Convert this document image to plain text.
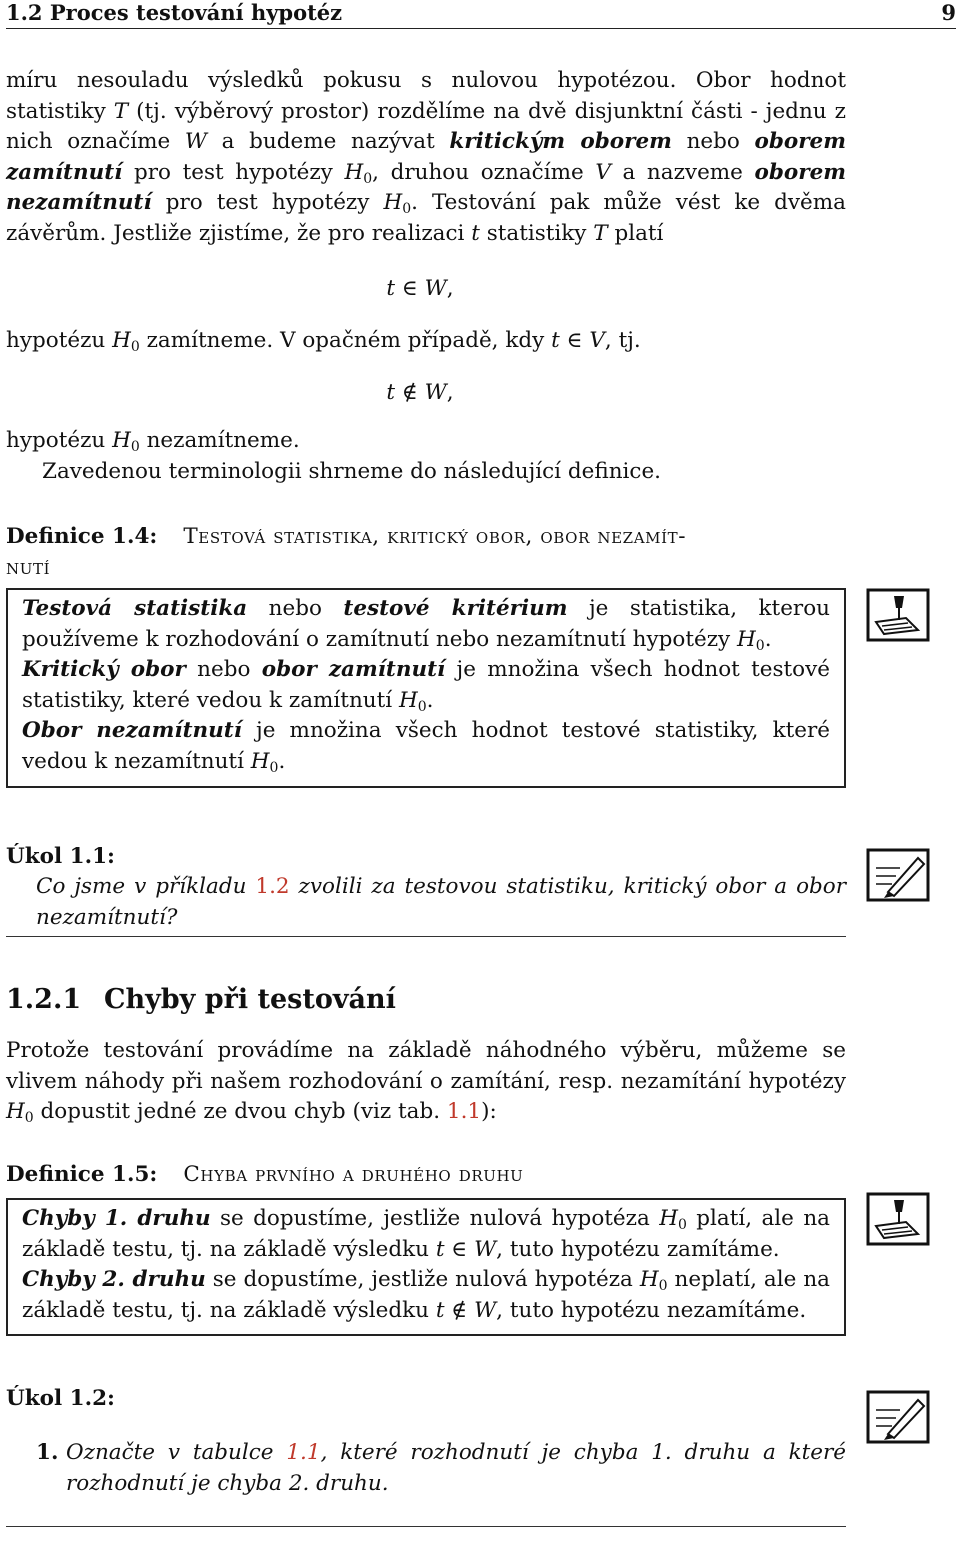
1.2 Proces testování hypotéz	9
míru nesouladu výsledků pokusu s nulovou hypotézou. Obor hodnot statistiky T (tj. výběrový prostor) rozdělíme na dvě disjunktní části - jednu z nich označíme W a budeme nazývat kritickým oborem nebo oborem zamítnutí pro test hypotézy $H_0$, druhou označíme V a nazveme oborem nezamítnutí pro test hypotézy $H_0$. Testování pak může vést ke dvěma závěrům. Jestliže zjistíme, že pro realizaci t statistiky T platí
t ∈ W,
hypotézu $H_0$ zamítneme. V opačném případě, kdy t ∈ V, tj.
t ∉ W,
hypotézu $H_0$ nezamítneme.
Zavedenou terminologii shrneme do následující definice.
Definice 1.4: Testová statistika, kritický obor, obor nezamít-
nutí

Testová statistika nebo testové kritérium je statistika, kterou používeme k rozhodování o zamítnutí nebo nezamítnutí hypotézy $H_0$.

Kritický obor nebo obor zamítnutí je množina všech hodnot testové statistiky, které vedou k zamítnutí $H_0$.

Obor nezamítnutí je množina všech hodnot testové statistiky, které vedou k nezamítnutí $H_0$.

Úkol 1.1:
Co jsme v příkladu 1.2 zvolili za testovou statistiku, kritický obor a obor nezamítnutí?
1.2.1 Chyby při testování
Protože testování provádíme na základě náhodného výběru, můžeme se vlivem náhody při našem rozhodování o zamítání, resp. nezamítání hypotézy $H_0$ dopustit jedné ze dvou chyb (viz tab. 1.1):
Definice 1.5: Chyba prvního a druhého druhu

Chyby 1. druhu se dopustíme, jestliže nulová hypotéza $H_0$ platí, ale na základě testu, tj. na základě výsledku t ∈ W, tuto hypotézu zamítáme.

Chyby 2. druhu se dopustíme, jestliže nulová hypotéza $H_0$ neplatí, ale na základě testu, tj. na základě výsledku t ∉ W, tuto hypotézu nezamítáme.

Úkol 1.2:
1. Označte v tabulce 1.1, které rozhodnutí je chyba 1. druhu a které rozhodnutí je chyba 2. druhu.
